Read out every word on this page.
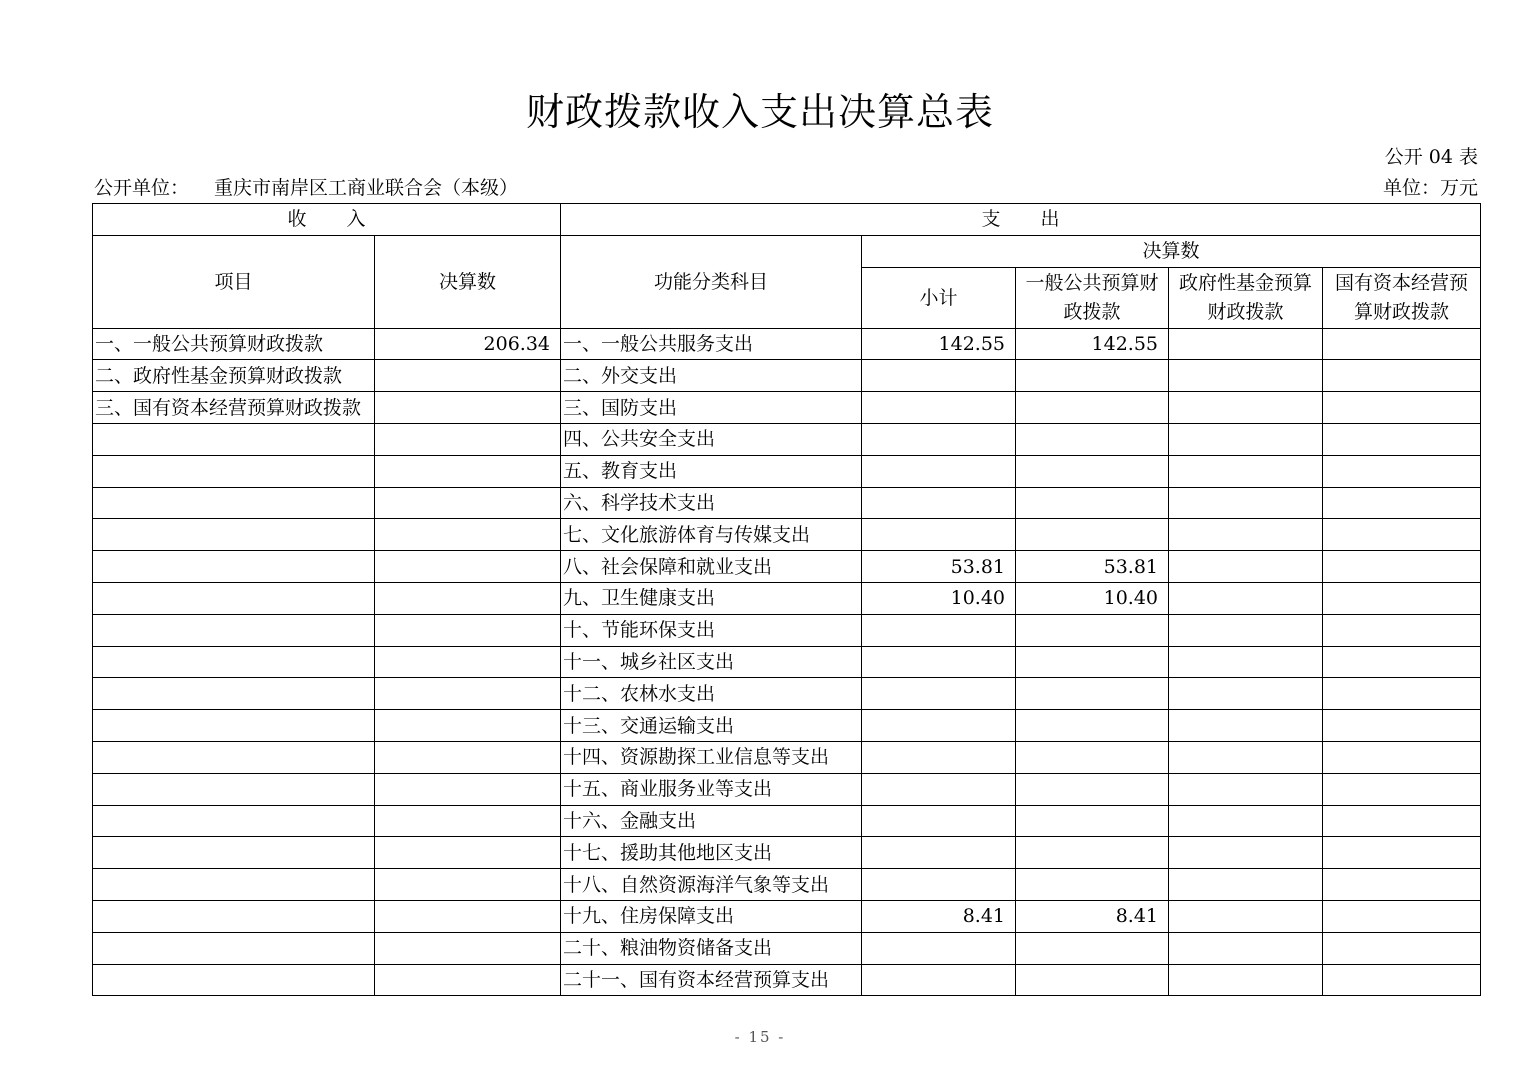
财政拨款收入支出决算总表
公开 04 表
公开单位： 重庆市南岸区工商业联合会（本级）	单位：万元
收入		支出				
项目	决算数	功能分类科目	决算数			
			小计	一般公共预算财政拨款	政府性基金预算财政拨款	国有资本经营预算财政拨款

一、一般公共预算财政拨款	206.34	一、一般公共服务支出	142.55	142.55		
二、政府性基金预算财政拨款		二、外交支出				
三、国有资本经营预算财政拨款		三、国防支出				
		四、公共安全支出				
		五、教育支出				
		六、科学技术支出				
		七、文化旅游体育与传媒支出				
		八、社会保障和就业支出	53.81	53.81		
		九、卫生健康支出	10.40	10.40		
		十、节能环保支出				
		十一、城乡社区支出				
		十二、农林水支出				
		十三、交通运输支出				
		十四、资源勘探工业信息等支出				
		十五、商业服务业等支出				
		十六、金融支出				
		十七、援助其他地区支出				
		十八、自然资源海洋气象等支出				
		十九、住房保障支出	8.41	8.41		
		二十、粮油物资储备支出				
		二十一、国有资本经营预算支出				
- 15 -
